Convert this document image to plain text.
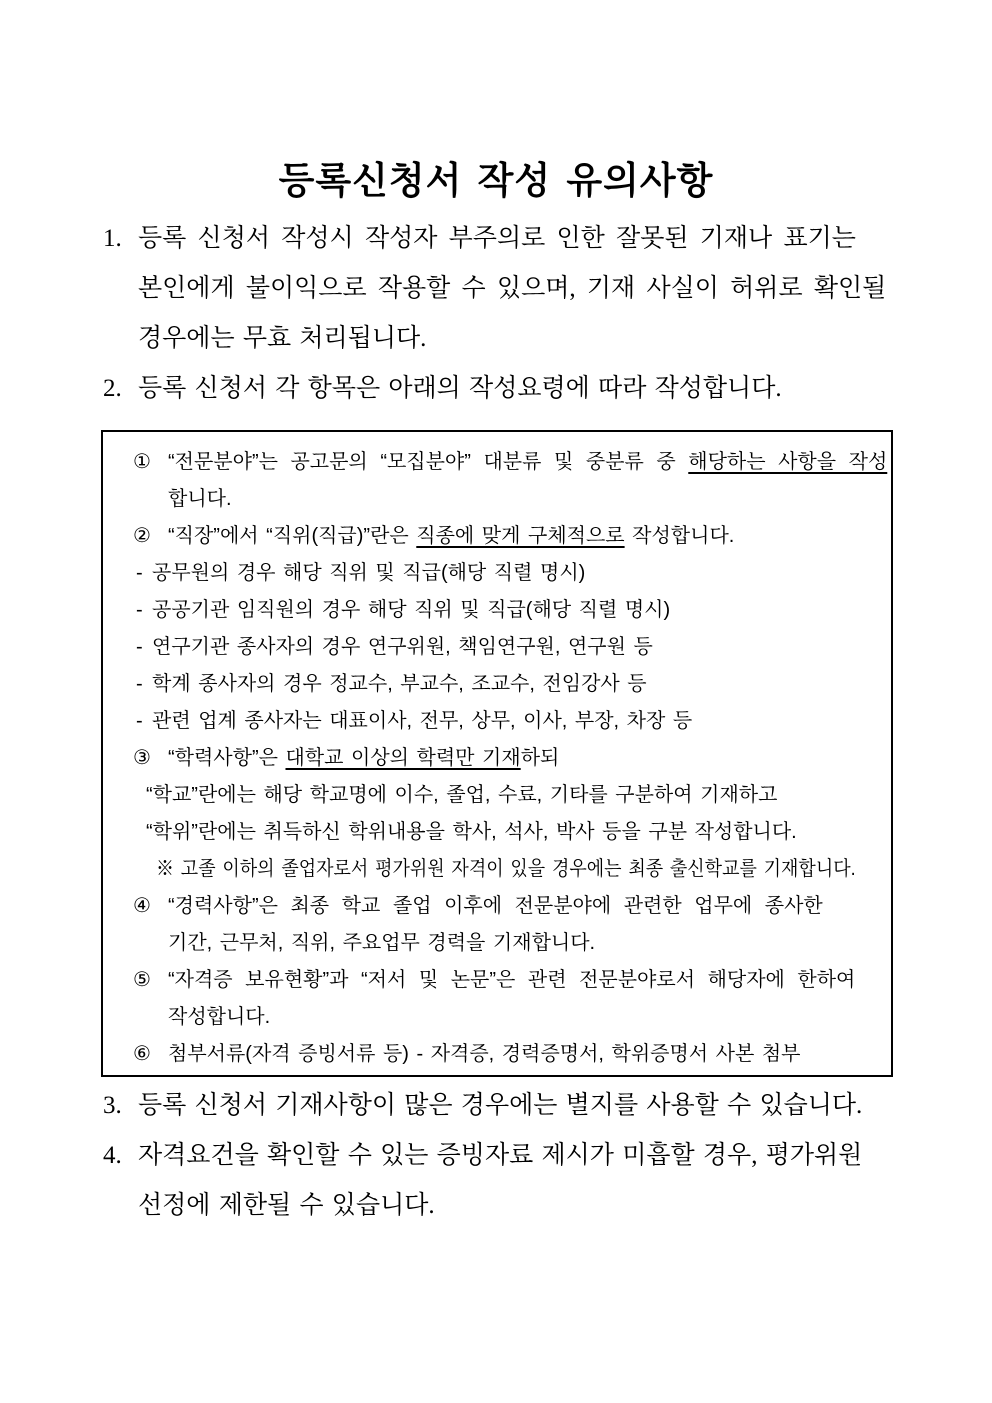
등록신청서 작성 유의사항
1. 등록 신청서 작성시 작성자 부주의로 인한 잘못된 기재나 표기는
본인에게 불이익으로 작용할 수 있으며, 기재 사실이 허위로 확인될
경우에는 무효 처리됩니다.
2. 등록 신청서 각 항목은 아래의 작성요령에 따라 작성합니다.
① “전문분야”는 공고문의 “모집분야” 대분류 및 중분류 중 해당하는 사항을 작성
합니다.
② “직장”에서 “직위(직급)”란은 직종에 맞게 구체적으로 작성합니다.
- 공무원의 경우 해당 직위 및 직급(해당 직렬 명시)
- 공공기관 임직원의 경우 해당 직위 및 직급(해당 직렬 명시)
- 연구기관 종사자의 경우 연구위원, 책임연구원, 연구원 등
- 학계 종사자의 경우 정교수, 부교수, 조교수, 전임강사 등
- 관련 업계 종사자는 대표이사, 전무, 상무, 이사, 부장, 차장 등
③ “학력사항”은 대학교 이상의 학력만 기재하되
“학교”란에는 해당 학교명에 이수, 졸업, 수료, 기타를 구분하여 기재하고
“학위”란에는 취득하신 학위내용을 학사, 석사, 박사 등을 구분 작성합니다.
※ 고졸 이하의 졸업자로서 평가위원 자격이 있을 경우에는 최종 출신학교를 기재합니다.
④ “경력사항”은 최종 학교 졸업 이후에 전문분야에 관련한 업무에 종사한
기간, 근무처, 직위, 주요업무 경력을 기재합니다.
⑤ “자격증 보유현황”과 “저서 및 논문”은 관련 전문분야로서 해당자에 한하여
작성합니다.
⑥ 첨부서류(자격 증빙서류 등) - 자격증, 경력증명서, 학위증명서 사본 첨부
3. 등록 신청서 기재사항이 많은 경우에는 별지를 사용할 수 있습니다.
4. 자격요건을 확인할 수 있는 증빙자료 제시가 미흡할 경우, 평가위원
선정에 제한될 수 있습니다.
